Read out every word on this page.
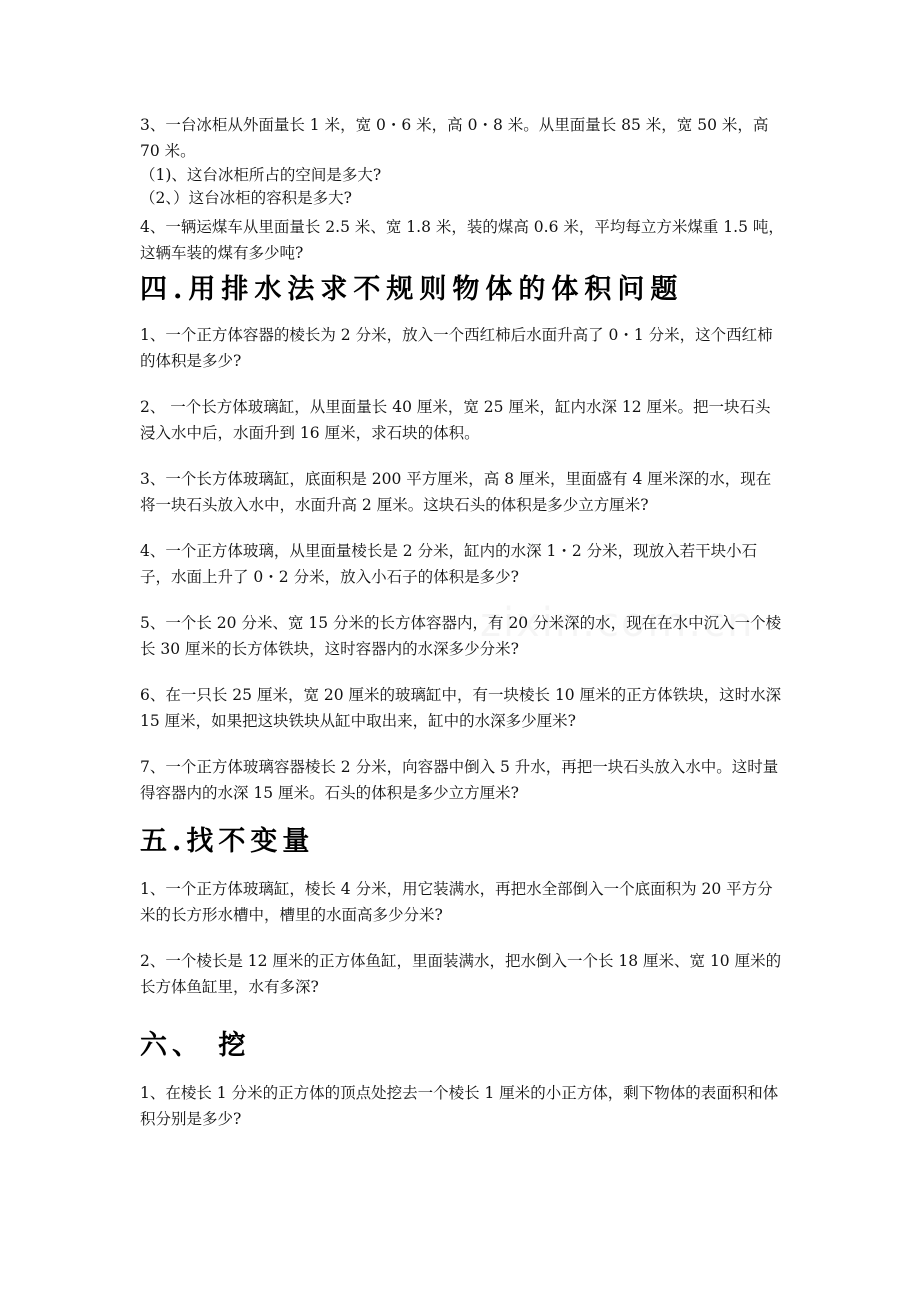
3、一台冰柜从外面量长 1 米，宽 0・6 米，高 0・8 米。从里面量长 85 米，宽 50 米，高 70 米。

（1)、这台冰柜所占的空间是多大?

（2、）这台冰柜的容积是多大?

4、一辆运煤车从里面量长 2.5 米、宽 1.8 米，装的煤高 0.6 米，平均每立方米煤重 1.5 吨，这辆车装的煤有多少吨?

四.用排水法求不规则物体的体积问题

1、一个正方体容器的棱长为 2 分米，放入一个西红柿后水面升高了 0・1 分米，这个西红柿的体积是多少?

2、 一个长方体玻璃缸，从里面量长 40 厘米，宽 25 厘米，缸内水深 12 厘米。把一块石头浸入水中后，水面升到 16 厘米，求石块的体积。

3、一个长方体玻璃缸，底面积是 200 平方厘米，高 8 厘米，里面盛有 4 厘米深的水，现在将一块石头放入水中，水面升高 2 厘米。这块石头的体积是多少立方厘米?

4、一个正方体玻璃，从里面量棱长是 2 分米，缸内的水深 1・2 分米，现放入若干块小石子，水面上升了 0・2 分米，放入小石子的体积是多少?

5、一个长 20 分米、宽 15 分米的长方体容器内，有 20 分米深的水，现在在水中沉入一个棱长 30 厘米的长方体铁块，这时容器内的水深多少分米?

6、在一只长 25 厘米，宽 20 厘米的玻璃缸中，有一块棱长 10 厘米的正方体铁块，这时水深 15 厘米，如果把这块铁块从缸中取出来，缸中的水深多少厘米?

7、一个正方体玻璃容器棱长 2 分米，向容器中倒入 5 升水，再把一块石头放入水中。这时量得容器内的水深 15 厘米。石头的体积是多少立方厘米?

五.找不变量

1、一个正方体玻璃缸，棱长 4 分米，用它装满水，再把水全部倒入一个底面积为 20 平方分米的长方形水槽中，槽里的水面高多少分米?

2、一个棱长是 12 厘米的正方体鱼缸，里面装满水，把水倒入一个长 18 厘米、宽 10 厘米的长方体鱼缸里，水有多深?

六、 挖

1、在棱长 1 分米的正方体的顶点处挖去一个棱长 1 厘米的小正方体，剩下物体的表面积和体积分别是多少?
